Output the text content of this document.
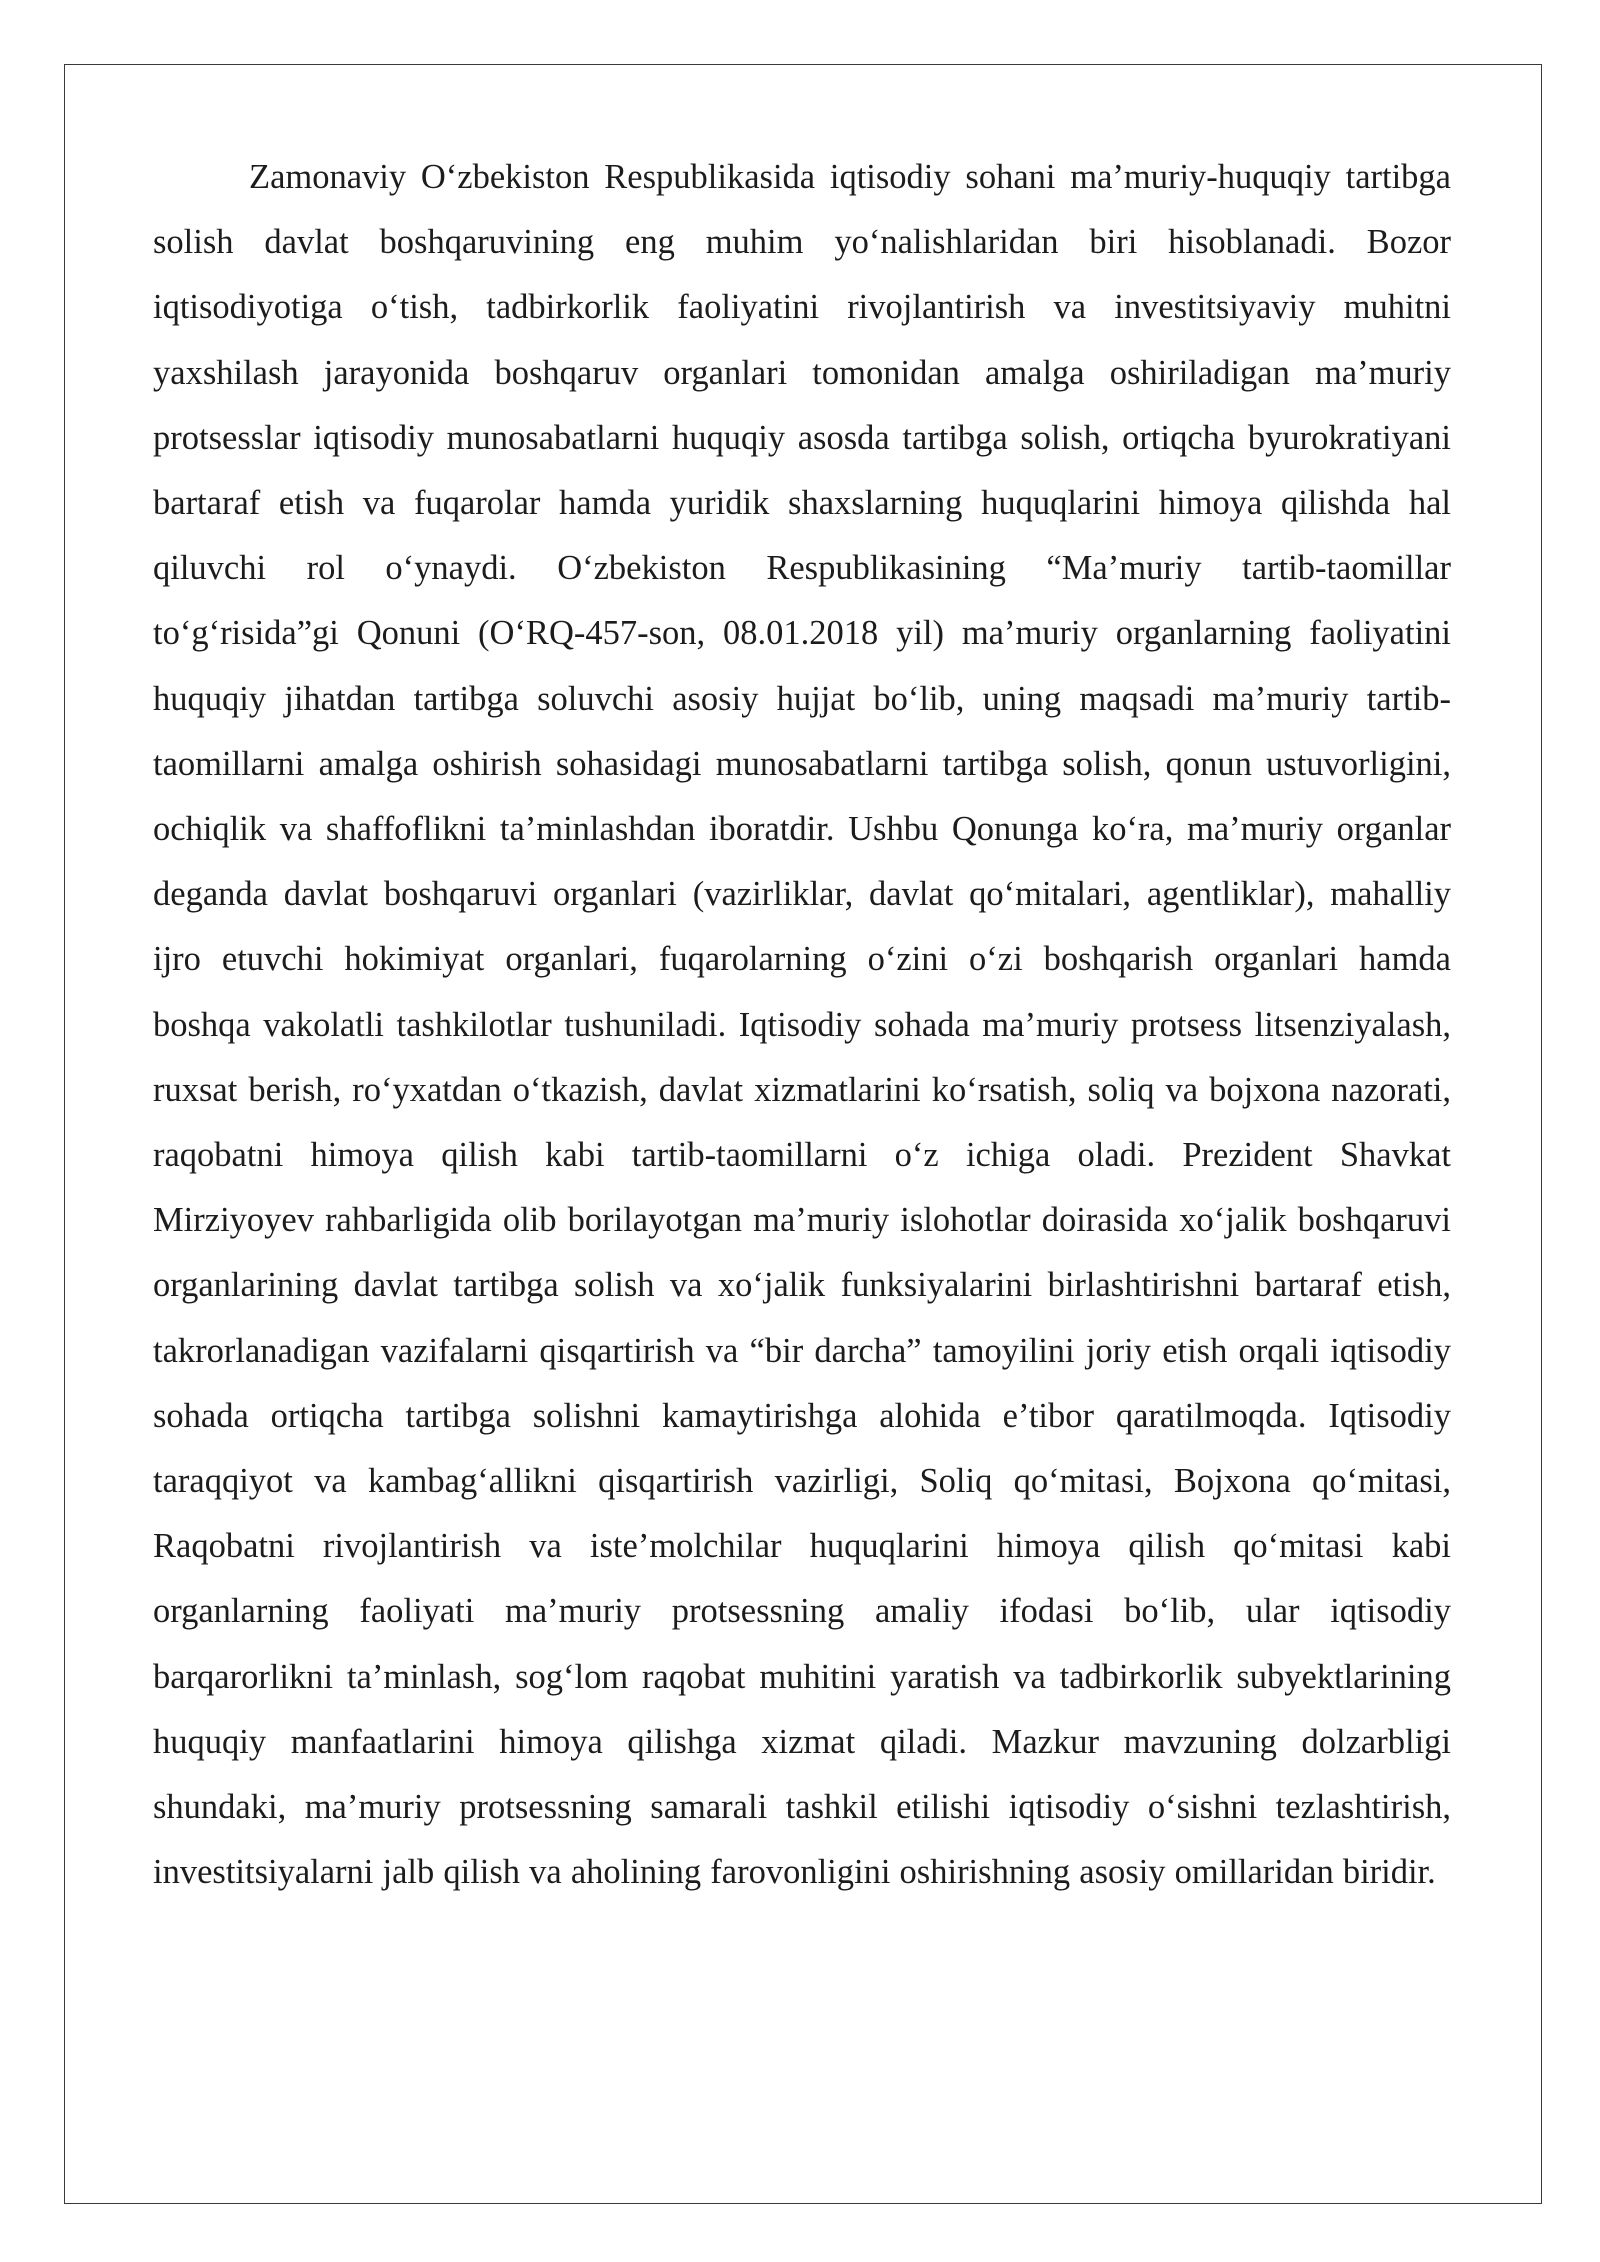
Zamonaviy O‘zbekiston Respublikasida iqtisodiy sohani ma’muriy-huquqiy tartibga solish davlat boshqaruvining eng muhim yo‘nalishlaridan biri hisoblanadi. Bozor iqtisodiyotiga o‘tish, tadbirkorlik faoliyatini rivojlantirish va investitsiyaviy muhitni yaxshilash jarayonida boshqaruv organlari tomonidan amalga oshiriladigan ma’muriy protsesslar iqtisodiy munosabatlarni huquqiy asosda tartibga solish, ortiqcha byurokratiyani bartaraf etish va fuqarolar hamda yuridik shaxslarning huquqlarini himoya qilishda hal qiluvchi rol o‘ynaydi. O‘zbekiston Respublikasining “Ma’muriy tartib-taomillar to‘g‘risida”gi Qonuni (O‘RQ-457-son, 08.01.2018 yil) ma’muriy organlarning faoliyatini huquqiy jihatdan tartibga soluvchi asosiy hujjat bo‘lib, uning maqsadi ma’muriy tartib-taomillarni amalga oshirish sohasidagi munosabatlarni tartibga solish, qonun ustuvorligini, ochiqlik va shaffoflikni ta’minlashdan iboratdir. Ushbu Qonunga ko‘ra, ma’muriy organlar deganda davlat boshqaruvi organlari (vazirliklar, davlat qo‘mitalari, agentliklar), mahalliy ijro etuvchi hokimiyat organlari, fuqarolarning o‘zini o‘zi boshqarish organlari hamda boshqa vakolatli tashkilotlar tushuniladi. Iqtisodiy sohada ma’muriy protsess litsenziyalash, ruxsat berish, ro‘yxatdan o‘tkazish, davlat xizmatlarini ko‘rsatish, soliq va bojxona nazorati, raqobatni himoya qilish kabi tartib-taomillarni o‘z ichiga oladi. Prezident Shavkat Mirziyoyev rahbarligida olib borilayotgan ma’muriy islohotlar doirasida xo‘jalik boshqaruvi organlarining davlat tartibga solish va xo‘jalik funksiyalarini birlashtirishni bartaraf etish, takrorlanadigan vazifalarni qisqartirish va “bir darcha” tamoyilini joriy etish orqali iqtisodiy sohada ortiqcha tartibga solishni kamaytirishga alohida e’tibor qaratilmoqda. Iqtisodiy taraqqiyot va kambag‘allikni qisqartirish vazirligi, Soliq qo‘mitasi, Bojxona qo‘mitasi, Raqobatni rivojlantirish va iste’molchilar huquqlarini himoya qilish qo‘mitasi kabi organlarning faoliyati ma’muriy protsessning amaliy ifodasi bo‘lib, ular iqtisodiy barqarorlikni ta’minlash, sog‘lom raqobat muhitini yaratish va tadbirkorlik subyektlarining huquqiy manfaatlarini himoya qilishga xizmat qiladi. Mazkur mavzuning dolzarbligi shundaki, ma’muriy protsessning samarali tashkil etilishi iqtisodiy o‘sishni tezlashtirish, investitsiyalarni jalb qilish va aholining farovonligini oshirishning asosiy omillaridan biridir.
